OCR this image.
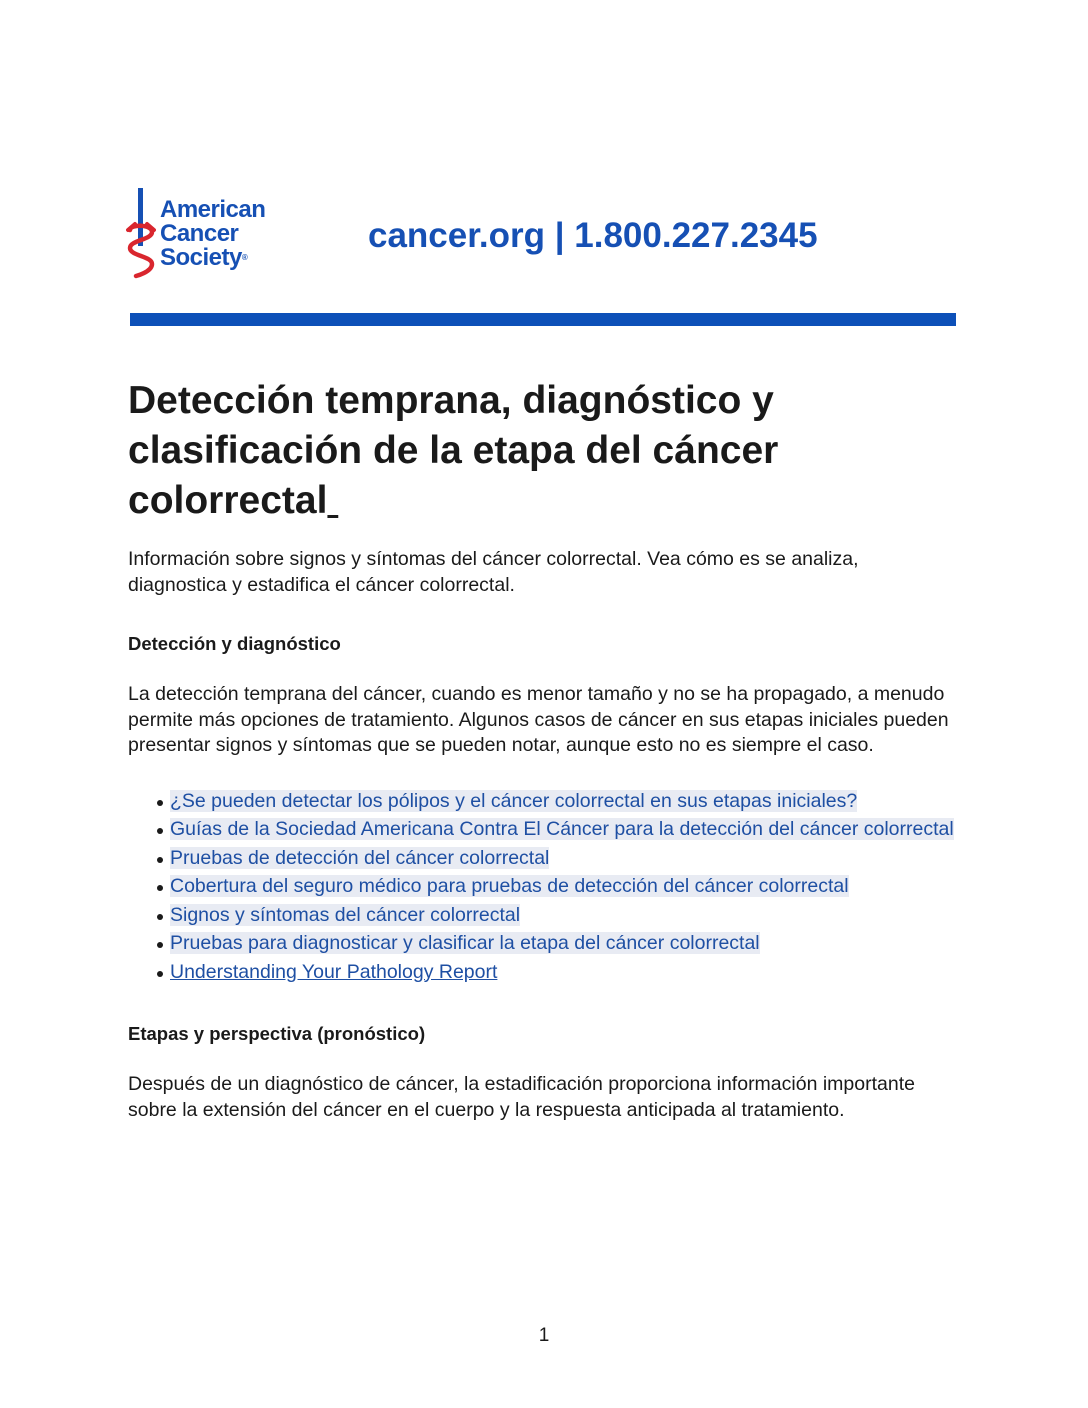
American
Cancer
Society®
cancer.org | 1.800.227.2345
Detección temprana, diagnóstico y clasificación de la etapa del cáncer colorrectal

Información sobre signos y síntomas del cáncer colorrectal. Vea cómo es se analiza, diagnostica y estadifica el cáncer colorrectal.

Detección y diagnóstico

La detección temprana del cáncer, cuando es menor tamaño y no se ha propagado, a menudo permite más opciones de tratamiento. Algunos casos de cáncer en sus etapas iniciales pueden presentar signos y síntomas que se pueden notar, aunque esto no es siempre el caso.

¿Se pueden detectar los pólipos y el cáncer colorrectal en sus etapas iniciales?
Guías de la Sociedad Americana Contra El Cáncer para la detección del cáncer colorrectal
Pruebas de detección del cáncer colorrectal
Cobertura del seguro médico para pruebas de detección del cáncer colorrectal
Signos y síntomas del cáncer colorrectal
Pruebas para diagnosticar y clasificar la etapa del cáncer colorrectal
Understanding Your Pathology Report
Etapas y perspectiva (pronóstico)

Después de un diagnóstico de cáncer, la estadificación proporciona información importante sobre la extensión del cáncer en el cuerpo y la respuesta anticipada al tratamiento.

1
